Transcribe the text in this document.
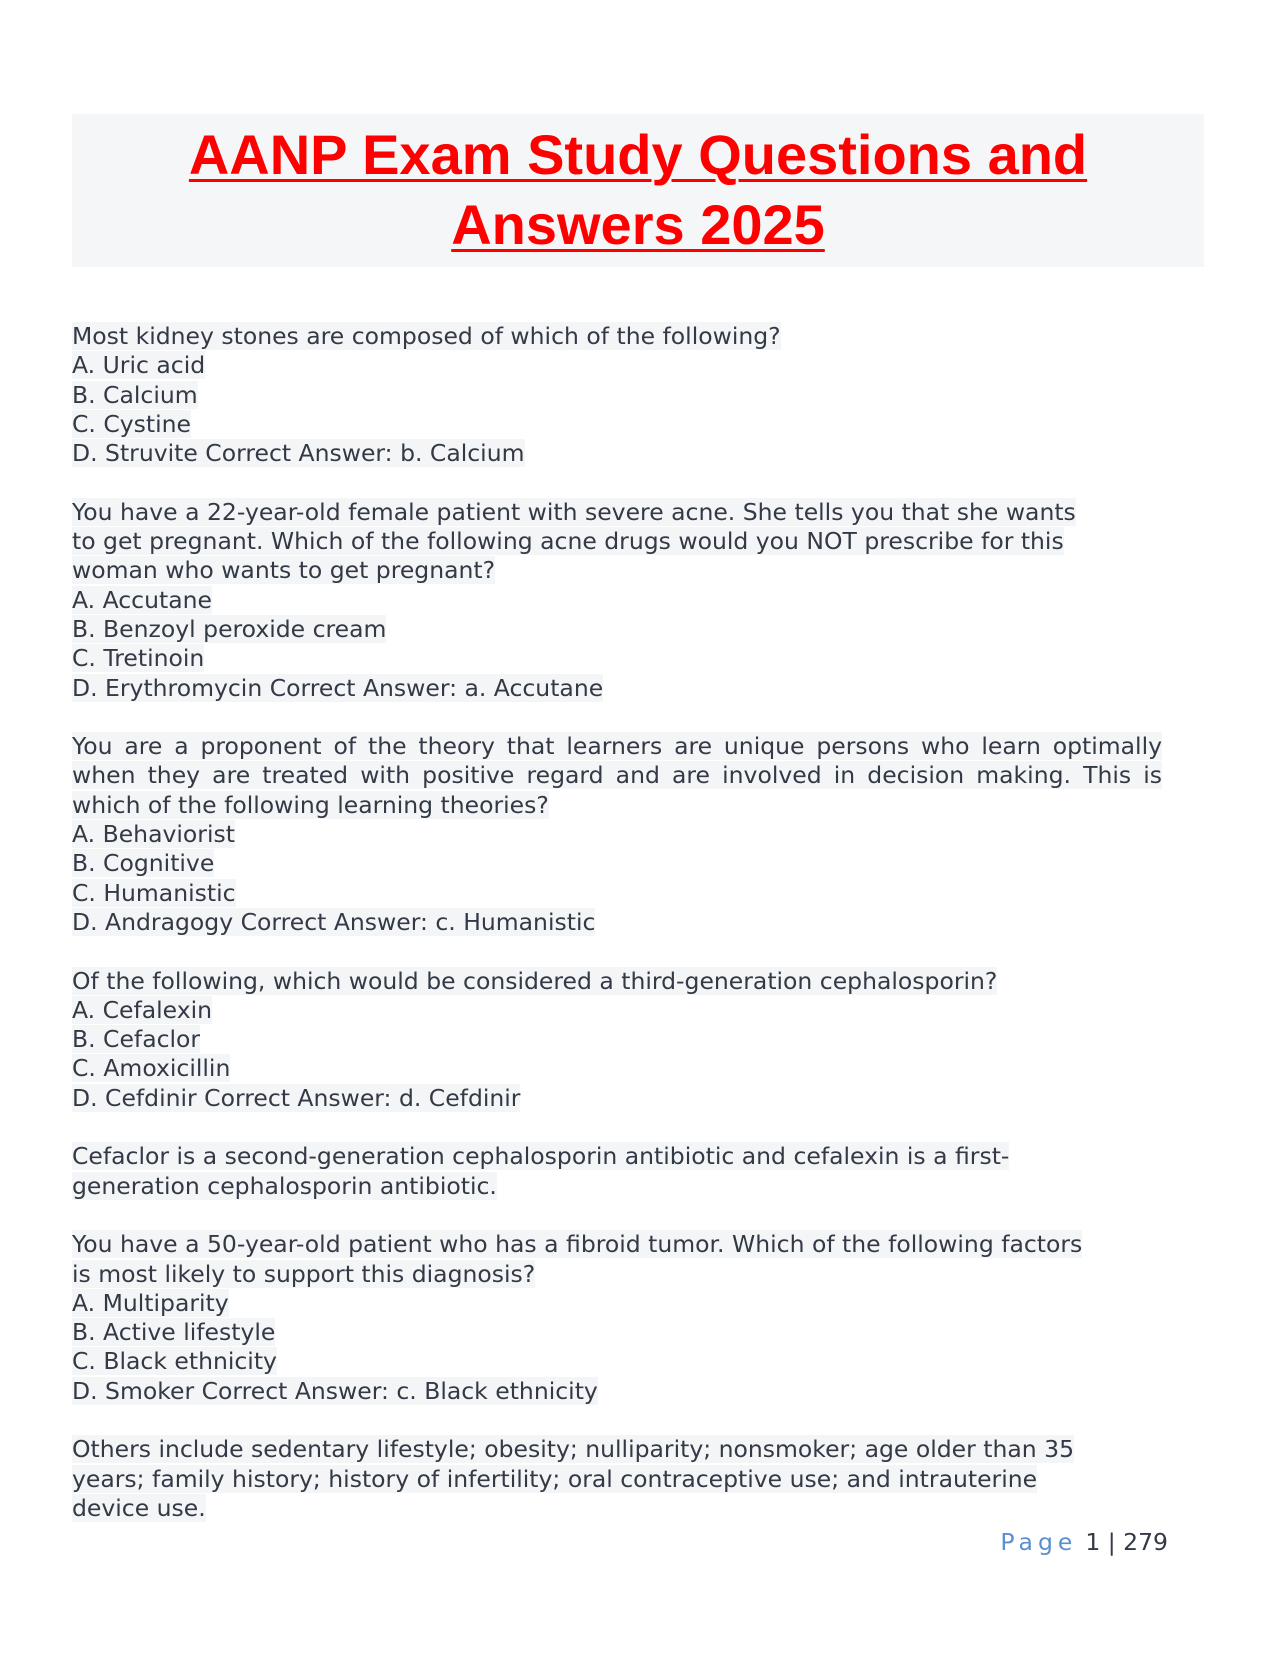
AANP Exam Study Questions and
Answers 2025
Most kidney stones are composed of which of the following?
A. Uric acid
B. Calcium
C. Cystine
D. Struvite Correct Answer: b. Calcium
You have a 22-year-old female patient with severe acne. She tells you that she wants
to get pregnant. Which of the following acne drugs would you NOT prescribe for this
woman who wants to get pregnant?
A. Accutane
B. Benzoyl peroxide cream
C. Tretinoin
D. Erythromycin Correct Answer: a. Accutane
You are a proponent of the theory that learners are unique persons who learn optimally when they are treated with positive regard and are involved in decision making. This is which of the following learning theories?
A. Behaviorist
B. Cognitive
C. Humanistic
D. Andragogy Correct Answer: c. Humanistic
Of the following, which would be considered a third-generation cephalosporin?
A. Cefalexin
B. Cefaclor
C. Amoxicillin
D. Cefdinir Correct Answer: d. Cefdinir
Cefaclor is a second-generation cephalosporin antibiotic and cefalexin is a first-
generation cephalosporin antibiotic.
You have a 50-year-old patient who has a fibroid tumor. Which of the following factors
is most likely to support this diagnosis?
A. Multiparity
B. Active lifestyle
C. Black ethnicity
D. Smoker Correct Answer: c. Black ethnicity
Others include sedentary lifestyle; obesity; nulliparity; nonsmoker; age older than 35
years; family history; history of infertility; oral contraceptive use; and intrauterine
device use.
Page 1 | 279
